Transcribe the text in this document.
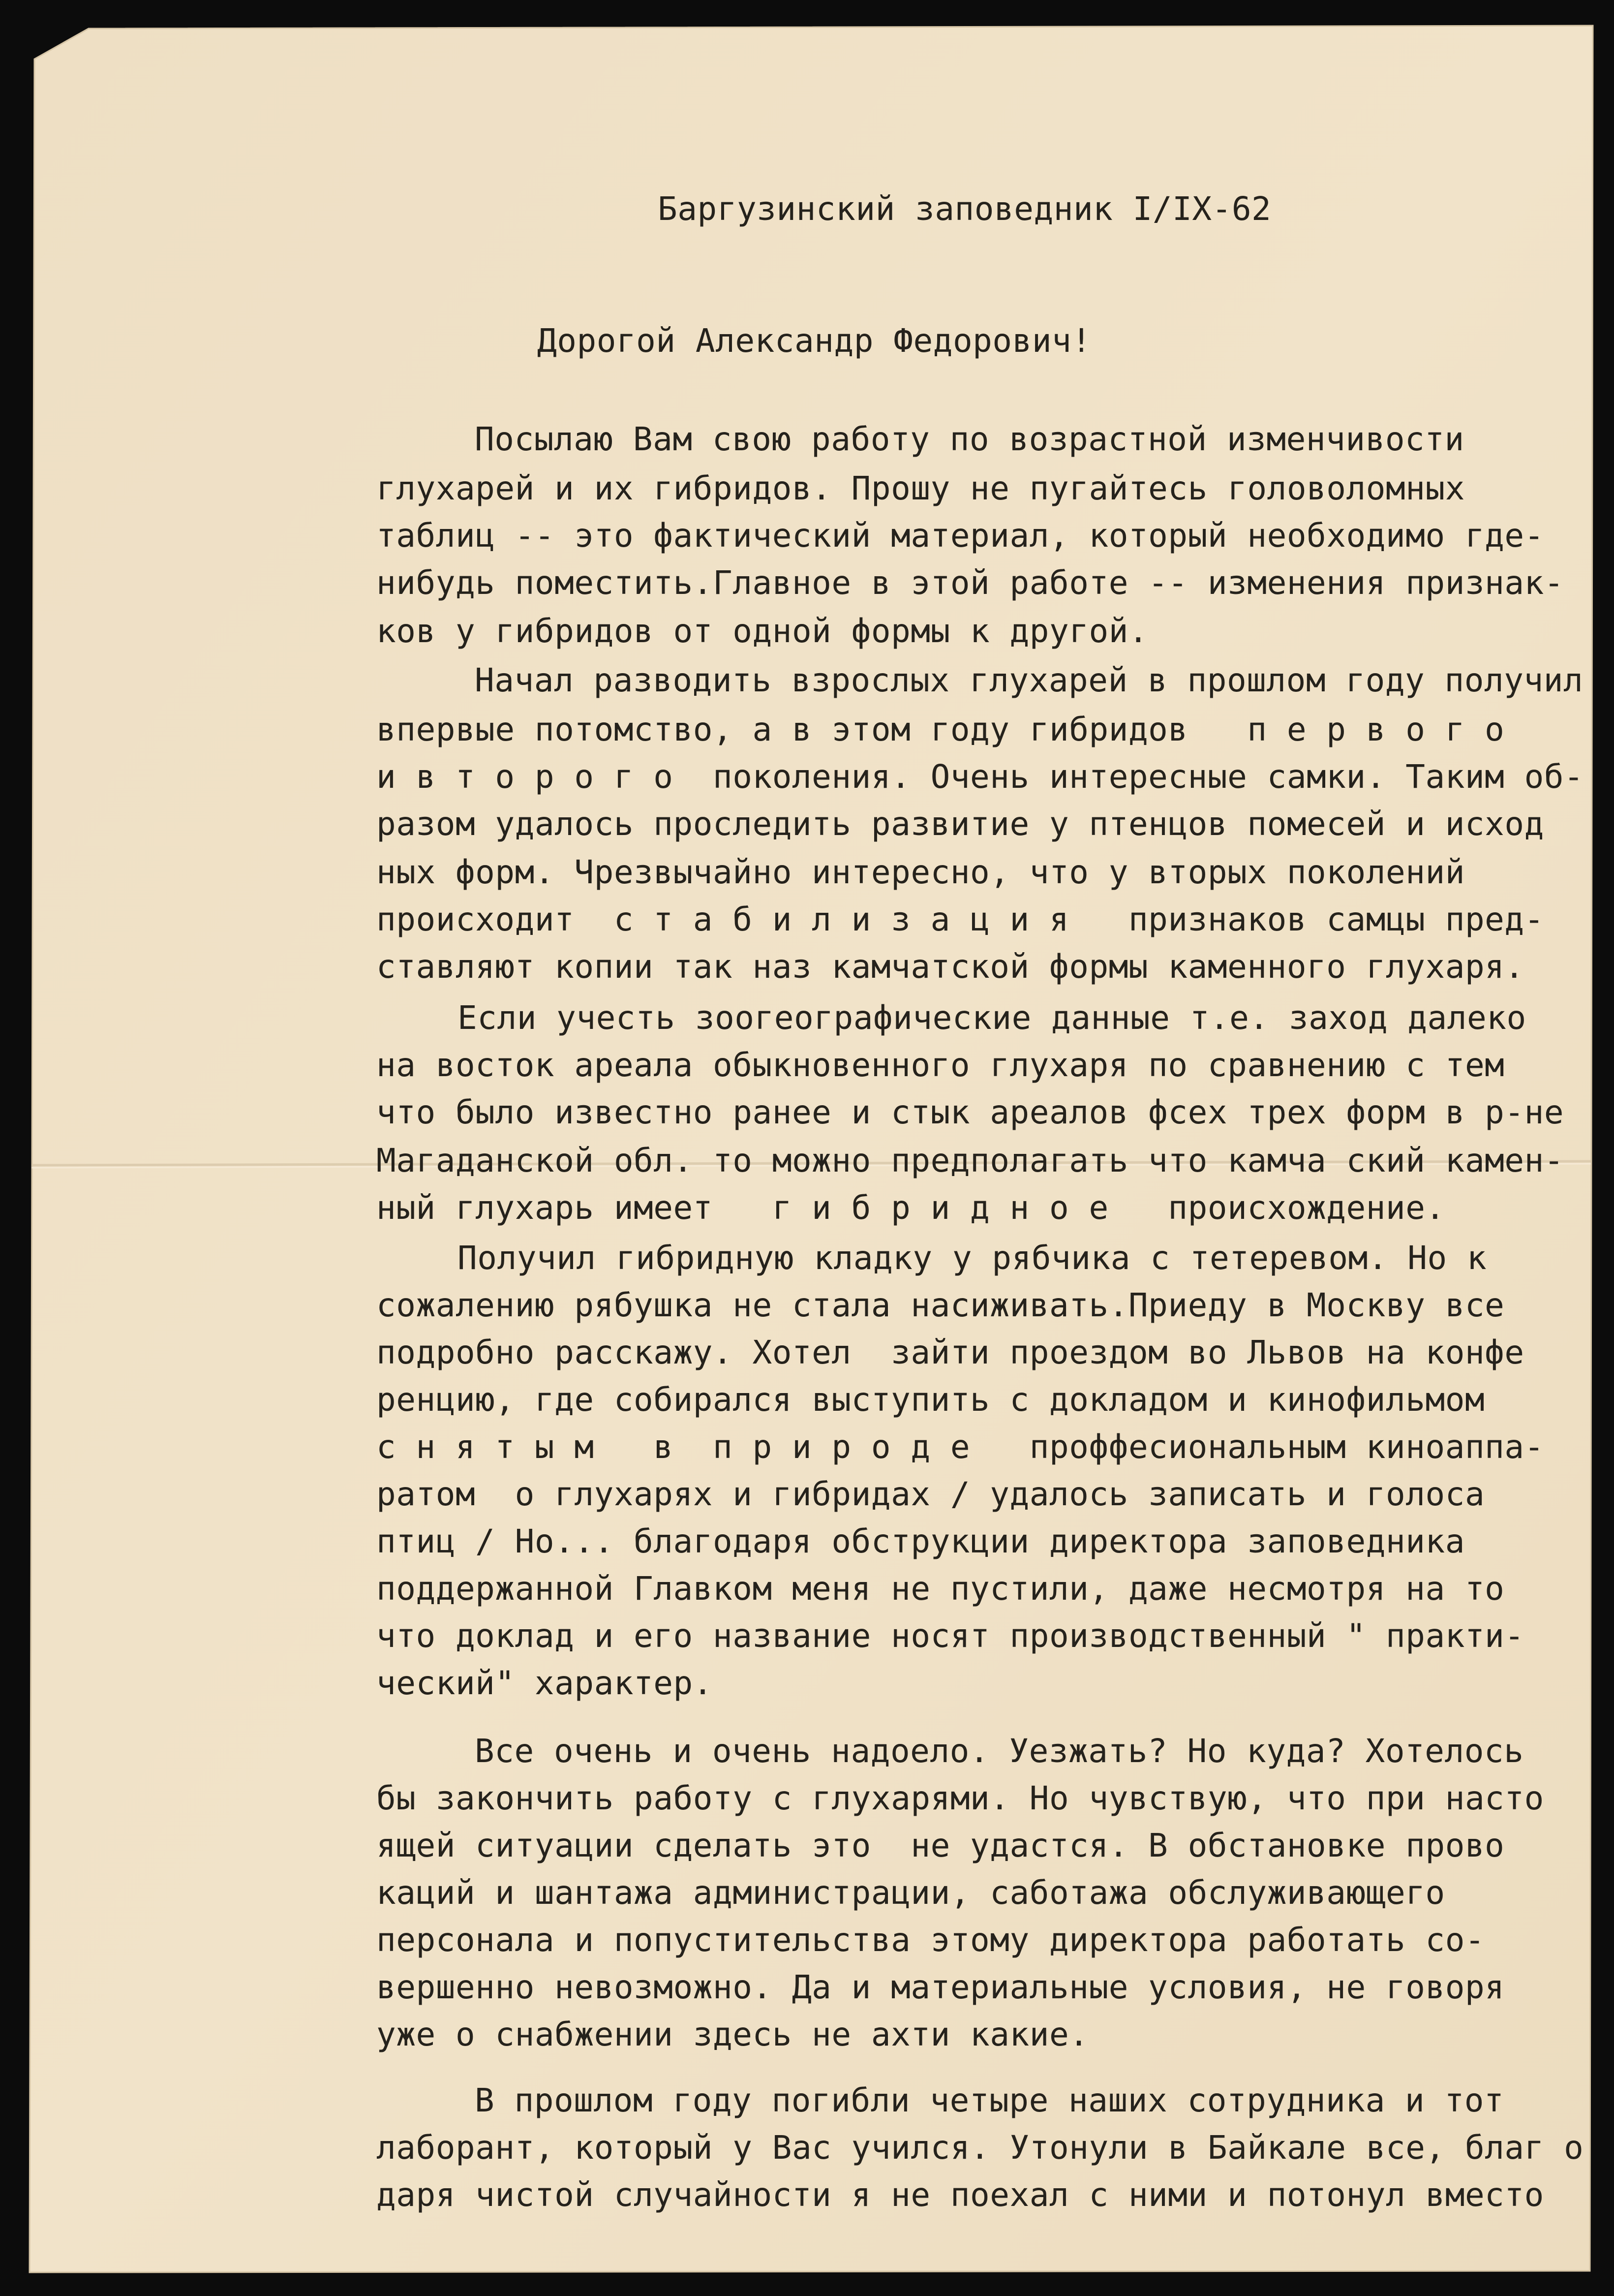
Баргузинский заповедник I/IX-62
Дорогой Александр Федорович!
Посылаю Вам свою работу по возрастной изменчивости
глухарей и их гибридов. Прошу не пугайтесь головоломных
таблиц -- это фактический материал, который необходимо где-
нибудь поместить.Главное в этой работе -- изменения признак-
ков у гибридов от одной формы к другой.
Начал разводить взрослых глухарей в прошлом году получил
впервые потомство, а в этом году гибридов   п е р в о г о
и в т о р о г о  поколения. Очень интересные самки. Таким об-
разом удалось проследить развитие у птенцов помесей и исход
ных форм. Чрезвычайно интересно, что у вторых поколений
происходит  с т а б и л и з а ц и я   признаков самцы пред-
ставляют копии так наз камчатской формы каменного глухаря.
Если учесть зоогеографические данные т.е. заход далеко
на восток ареала обыкновенного глухаря по сравнению с тем
что было известно ранее и стык ареалов фсех трех форм в р-не
Магаданской обл. то можно предполагать что камча ский камен-
ный глухарь имеет   г и б р и д н о е   происхождение.
Получил гибридную кладку у рябчика с тетеревом. Но к
сожалению рябушка не стала насиживать.Приеду в Москву все
подробно расскажу. Хотел  зайти проездом во Львов на конфе
ренцию, где собирался выступить с докладом и кинофильмом
с н я т ы м   в  п р и р о д е   проффесиональным киноаппа-
ратом  о глухарях и гибридах / удалось записать и голоса
птиц / Но... благодаря обструкции директора заповедника
поддержанной Главком меня не пустили, даже несмотря на то
что доклад и его название носят производственный " практи-
ческий" характер.
Все очень и очень надоело. Уезжать? Но куда? Хотелось
бы закончить работу с глухарями. Но чувствую, что при насто
ящей ситуации сделать это  не удастся. В обстановке прово
каций и шантажа администрации, саботажа обслуживающего
персонала и попустительства этому директора работать со-
вершенно невозможно. Да и материальные условия, не говоря
уже о снабжении здесь не ахти какие.
В прошлом году погибли четыре наших сотрудника и тот
лаборант, который у Вас учился. Утонули в Байкале все, благ о
даря чистой случайности я не поехал с ними и потонул вместо
